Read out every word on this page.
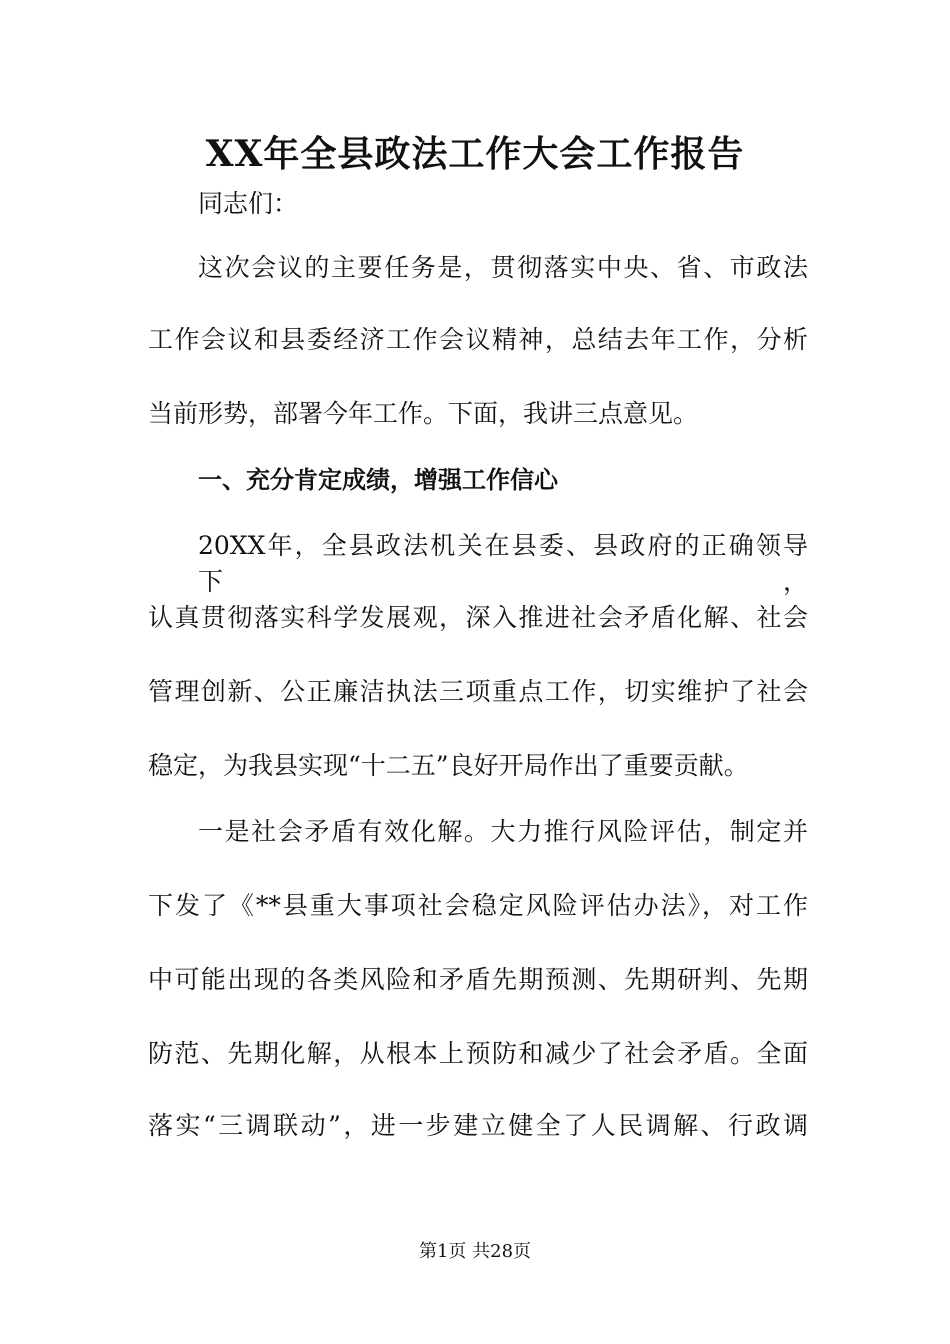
XX年全县政法工作大会工作报告

同志们：

这次会议的主要任务是，贯彻落实中央、省、市政法

工作会议和县委经济工作会议精神，总结去年工作，分析

当前形势，部署今年工作。下面，我讲三点意见。

一、充分肯定成绩，增强工作信心

20XX年，全县政法机关在县委、县政府的正确领导下，

认真贯彻落实科学发展观，深入推进社会矛盾化解、社会

管理创新、公正廉洁执法三项重点工作，切实维护了社会

稳定，为我县实现“十二五”良好开局作出了重要贡献。

一是社会矛盾有效化解。大力推行风险评估，制定并

下发了《**县重大事项社会稳定风险评估办法》，对工作

中可能出现的各类风险和矛盾先期预测、先期研判、先期

防范、先期化解，从根本上预防和减少了社会矛盾。全面

落实“三调联动”，进一步建立健全了人民调解、行政调

第1页 共28页
